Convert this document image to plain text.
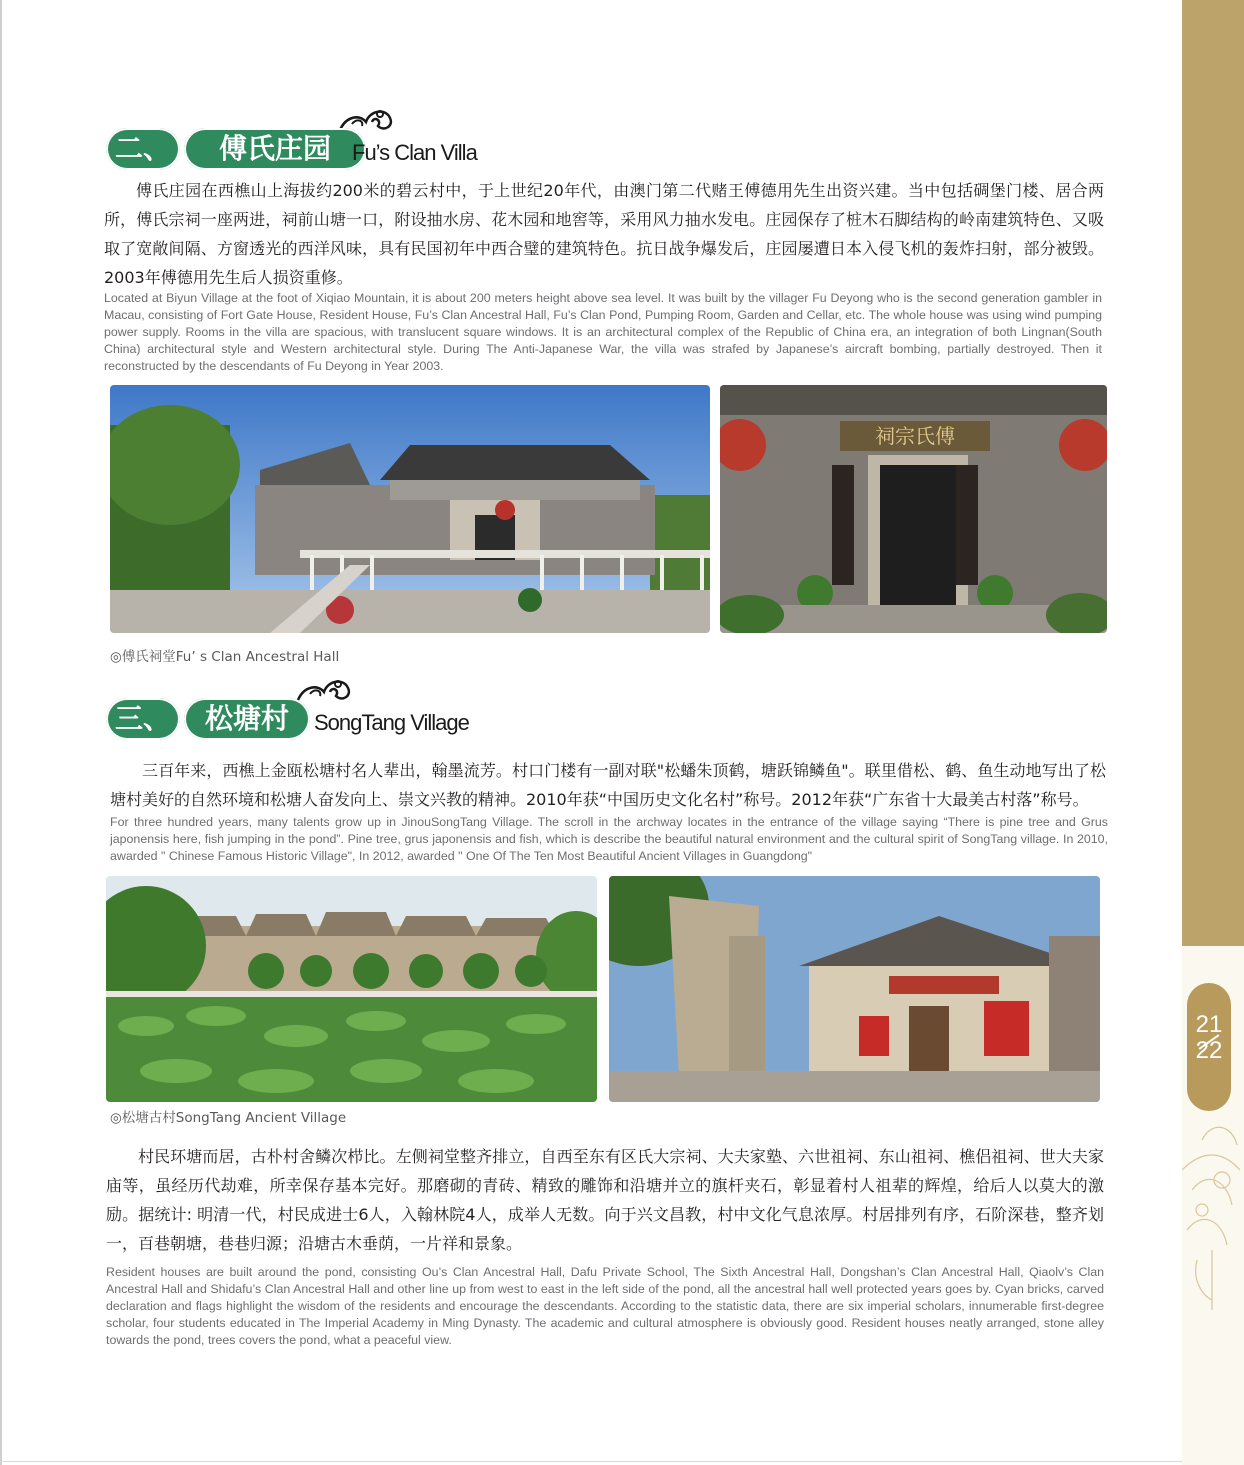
二、	傅氏庄园 Fu’s Clan Villa

傅氏庄园在西樵山上海拔约200米的碧云村中，于上世纪20年代，由澳门第二代赌王傅德用先生出资兴建。当中包括碉堡门楼、居合两所，傅氏宗祠一座两进，祠前山塘一口，附设抽水房、花木园和地窖等，采用风力抽水发电。庄园保存了桩木石脚结构的岭南建筑特色、又吸取了宽敞间隔、方窗透光的西洋风味，具有民国初年中西合璧的建筑特色。抗日战争爆发后，庄园屡遭日本入侵飞机的轰炸扫射，部分被毁。2003年傅德用先生后人损资重修。

Located at Biyun Village at the foot of Xiqiao Mountain, it is about 200 meters height above sea level. It was built by the villager Fu Deyong who is the second generation gambler in Macau, consisting of Fort Gate House, Resident House, Fu’s Clan Ancestral Hall, Fu’s Clan Pond, Pumping Room, Garden and Cellar, etc. The whole house was using wind pumping power supply. Rooms in the villa are spacious, with translucent square windows. It is an architectural complex of the Republic of China era, an integration of both Lingnan(South China) architectural style and Western architectural style. During The Anti-Japanese War, the villa was strafed by Japanese’s aircraft bombing, partially destroyed. Then it reconstructed by the descendants of Fu Deyong in Year 2003.

祠宗氏傅
◎傅氏祠堂Fu’ s Clan Ancestral Hall
三、	松塘村	SongTang Village

三百年来，西樵上金瓯松塘村名人辈出，翰墨流芳。村口门楼有一副对联"松蟠朱顶鹤，塘跃锦鳞鱼"。联里借松、鹤、鱼生动地写出了松塘村美好的自然环境和松塘人奋发向上、崇文兴教的精神。2010年获“中国历史文化名村”称号。2012年获“广东省十大最美古村落”称号。

For three hundred years, many talents grow up in JinouSongTang Village. The scroll in the archway locates in the entrance of the village saying “There is pine tree and Grus japonensis here, fish jumping in the pond”. Pine tree, grus japonensis and fish, which is describe the beautiful natural environment and the cultural spirit of SongTang village. In 2010, awarded " Chinese Famous Historic Village", In 2012, awarded " One Of The Ten Most Beautiful Ancient Villages in Guangdong"

◎松塘古村SongTang Ancient Village

村民环塘而居，古朴村舍鳞次栉比。左侧祠堂整齐排立，自西至东有区氏大宗祠、大夫家塾、六世祖祠、东山祖祠、樵侣祖祠、世大夫家庙等，虽经历代劫难，所幸保存基本完好。那磨砌的青砖、精致的雕饰和沿塘并立的旗杆夹石，彰显着村人祖辈的辉煌，给后人以莫大的激励。据统计: 明清一代，村民成进士6人，入翰林院4人，成举人无数。向于兴文昌教，村中文化气息浓厚。村居排列有序，石阶深巷，整齐划一，百巷朝塘，巷巷归源；沿塘古木垂荫，一片祥和景象。

Resident houses are built around the pond, consisting Ou’s Clan Ancestral Hall, Dafu Private School, The Sixth Ancestral Hall, Dongshan’s Clan Ancestral Hall, Qiaolv’s Clan Ancestral Hall and Shidafu’s Clan Ancestral Hall and other line up from west to east in the left side of the pond, all the ancestral hall well protected years goes by. Cyan bricks, carved declaration and flags highlight the wisdom of the residents and encourage the descendants. According to the statistic data, there are six imperial scholars, innumerable first-degree scholar, four students educated in The Imperial Academy in Ming Dynasty. The academic and cultural atmosphere is obviously good. Resident houses neatly arranged, stone alley towards the pond, trees covers the pond, what a peaceful view.

21
22
